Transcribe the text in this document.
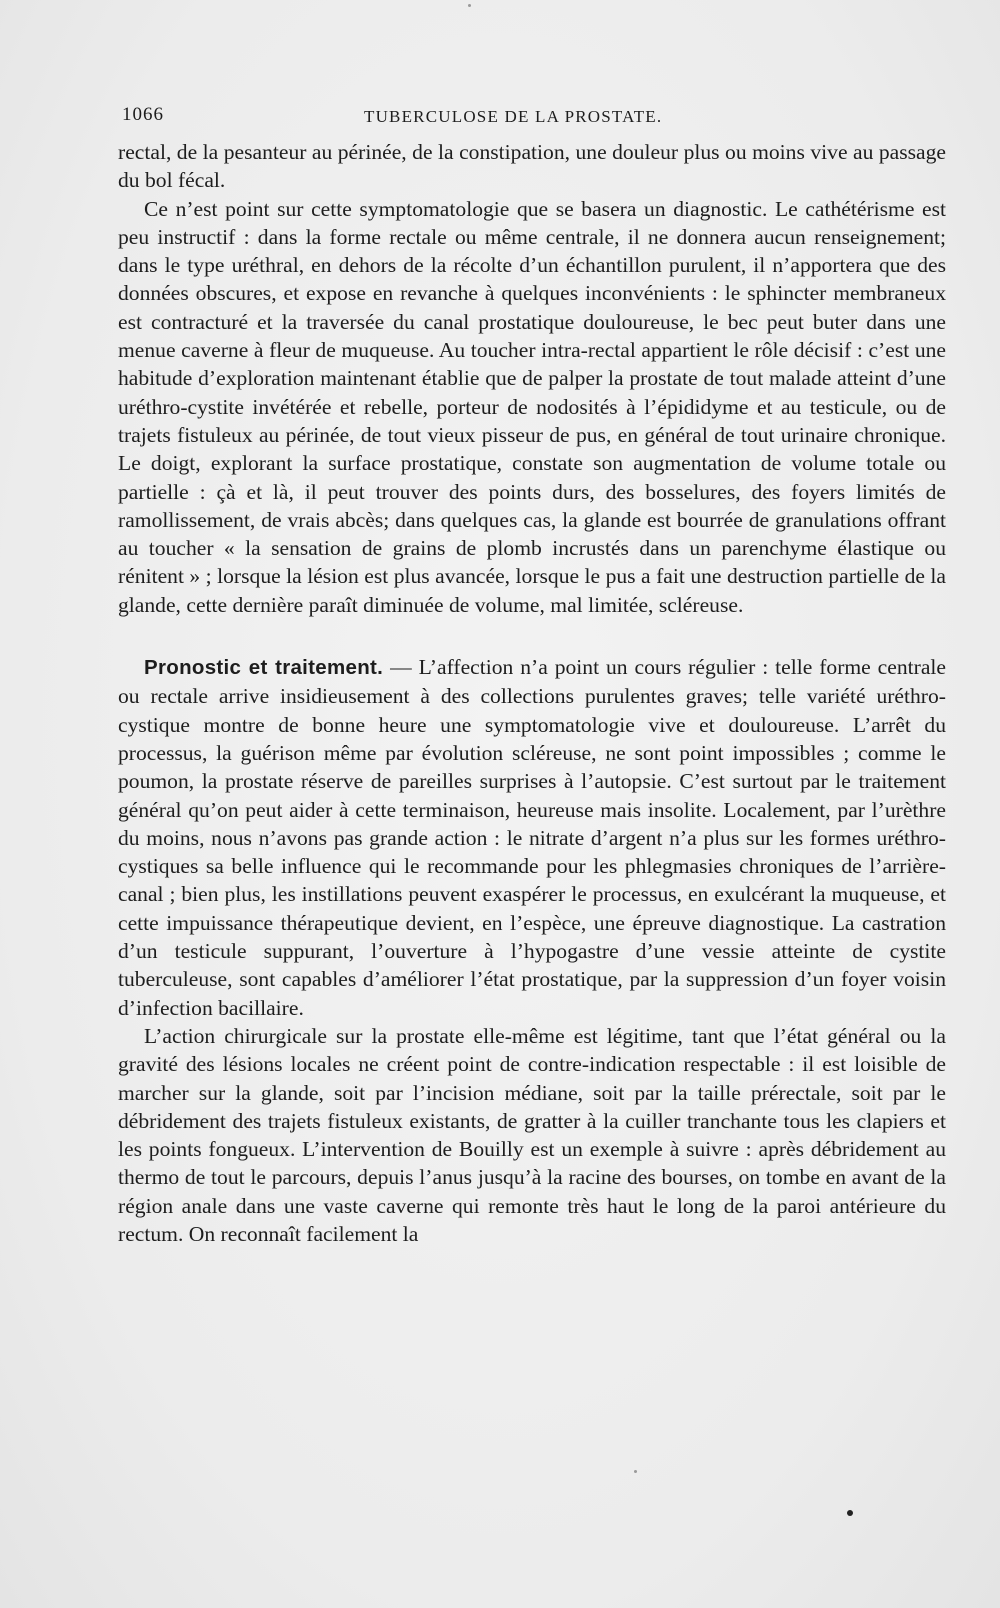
1066	TUBERCULOSE DE LA PROSTATE.

rectal, de la pesanteur au périnée, de la constipation, une douleur plus ou moins vive au passage du bol fécal.

Ce n’est point sur cette symptomatologie que se basera un diagnostic. Le cathétérisme est peu instructif : dans la forme rectale ou même centrale, il ne donnera aucun renseignement; dans le type uréthral, en dehors de la récolte d’un échantillon purulent, il n’apportera que des données obscures, et expose en revanche à quelques inconvénients : le sphincter membraneux est contracturé et la traversée du canal prostatique douloureuse, le bec peut buter dans une menue caverne à fleur de muqueuse. Au toucher intra-rectal appartient le rôle décisif : c’est une habitude d’exploration maintenant établie que de palper la prostate de tout malade atteint d’une uréthro-cystite invétérée et rebelle, porteur de nodosités à l’épididyme et au testicule, ou de trajets fistuleux au périnée, de tout vieux pisseur de pus, en général de tout urinaire chronique. Le doigt, explorant la surface prostatique, constate son augmentation de volume totale ou partielle : çà et là, il peut trouver des points durs, des bosselures, des foyers limités de ramollissement, de vrais abcès; dans quelques cas, la glande est bourrée de granulations offrant au toucher « la sensation de grains de plomb incrustés dans un parenchyme élastique ou rénitent » ; lorsque la lésion est plus avancée, lorsque le pus a fait une destruction partielle de la glande, cette dernière paraît diminuée de volume, mal limitée, scléreuse.

Pronostic et traitement. — L’affection n’a point un cours régulier : telle forme centrale ou rectale arrive insidieusement à des collections purulentes graves; telle variété uréthro-cystique montre de bonne heure une symptomatologie vive et douloureuse. L’arrêt du processus, la guérison même par évolution scléreuse, ne sont point impossibles ; comme le poumon, la prostate réserve de pareilles surprises à l’autopsie. C’est surtout par le traitement général qu’on peut aider à cette terminaison, heureuse mais insolite. Localement, par l’urèthre du moins, nous n’avons pas grande action : le nitrate d’argent n’a plus sur les formes uréthro-cystiques sa belle influence qui le recommande pour les phlegmasies chroniques de l’arrière-canal ; bien plus, les instillations peuvent exaspérer le processus, en exulcérant la muqueuse, et cette impuissance thérapeutique devient, en l’espèce, une épreuve diagnostique. La castration d’un testicule suppurant, l’ouverture à l’hypogastre d’une vessie atteinte de cystite tuberculeuse, sont capables d’améliorer l’état prostatique, par la suppression d’un foyer voisin d’infection bacillaire.

L’action chirurgicale sur la prostate elle-même est légitime, tant que l’état général ou la gravité des lésions locales ne créent point de contre-indication respectable : il est loisible de marcher sur la glande, soit par l’incision médiane, soit par la taille prérectale, soit par le débridement des trajets fistuleux existants, de gratter à la cuiller tranchante tous les clapiers et les points fongueux. L’intervention de Bouilly est un exemple à suivre : après débridement au thermo de tout le parcours, depuis l’anus jusqu’à la racine des bourses, on tombe en avant de la région anale dans une vaste caverne qui remonte très haut le long de la paroi antérieure du rectum. On reconnaît facilement la
